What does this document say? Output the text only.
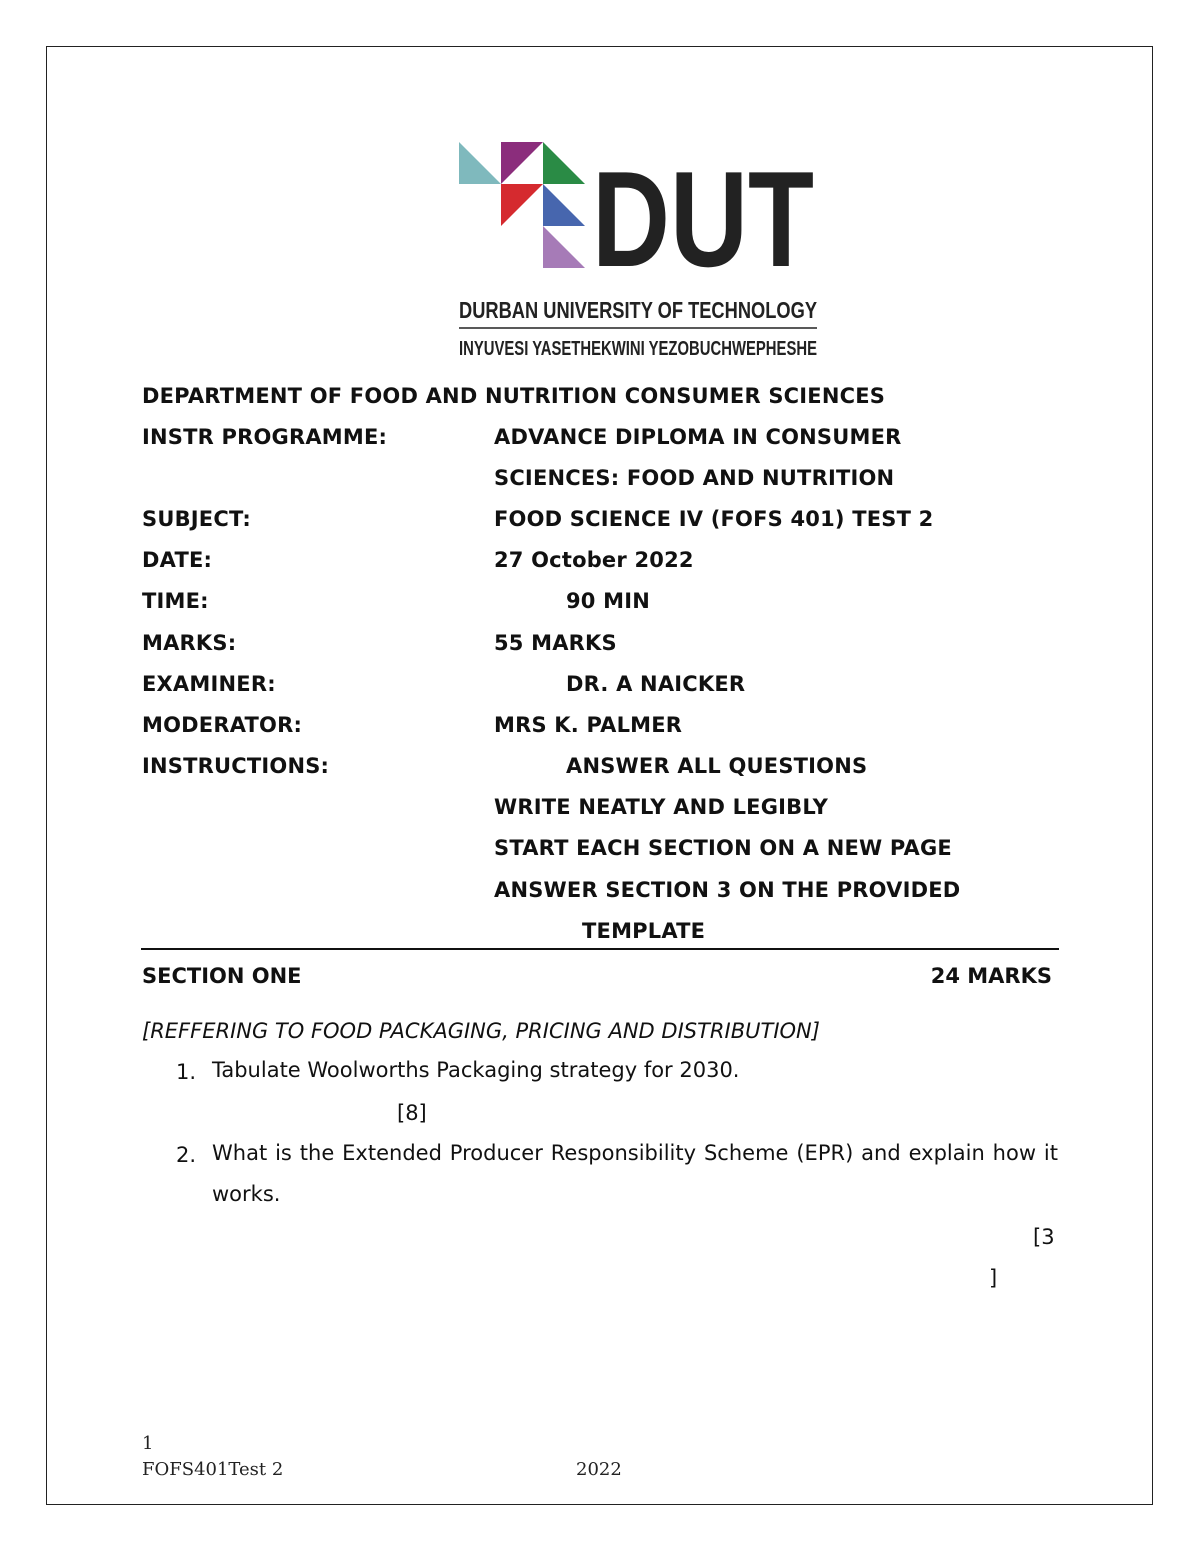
DUT
DURBAN UNIVERSITY OF TECHNOLOGY
INYUVESI YASETHEKWINI YEZOBUCHWEPHESHE
DEPARTMENT OF FOOD AND NUTRITION CONSUMER SCIENCES
INSTR PROGRAMME:	ADVANCE DIPLOMA IN CONSUMER
SCIENCES: FOOD AND NUTRITION
SUBJECT:	FOOD SCIENCE IV (FOFS 401) TEST 2
DATE:	27 October 2022
TIME:	90 MIN
MARKS:	55 MARKS
EXAMINER:	DR. A NAICKER
MODERATOR:	MRS K. PALMER
INSTRUCTIONS:	ANSWER ALL QUESTIONS
WRITE NEATLY AND LEGIBLY
START EACH SECTION ON A NEW PAGE
ANSWER SECTION 3 ON THE PROVIDED
TEMPLATE
SECTION ONE	24 MARKS
[REFFERING TO FOOD PACKAGING, PRICING AND DISTRIBUTION]
1. Tabulate Woolworths Packaging strategy for 2030.
[8]
2. What is the Extended Producer Responsibility Scheme (EPR) and explain how it works.
[3
]
1
FOFS401Test 2	2022
